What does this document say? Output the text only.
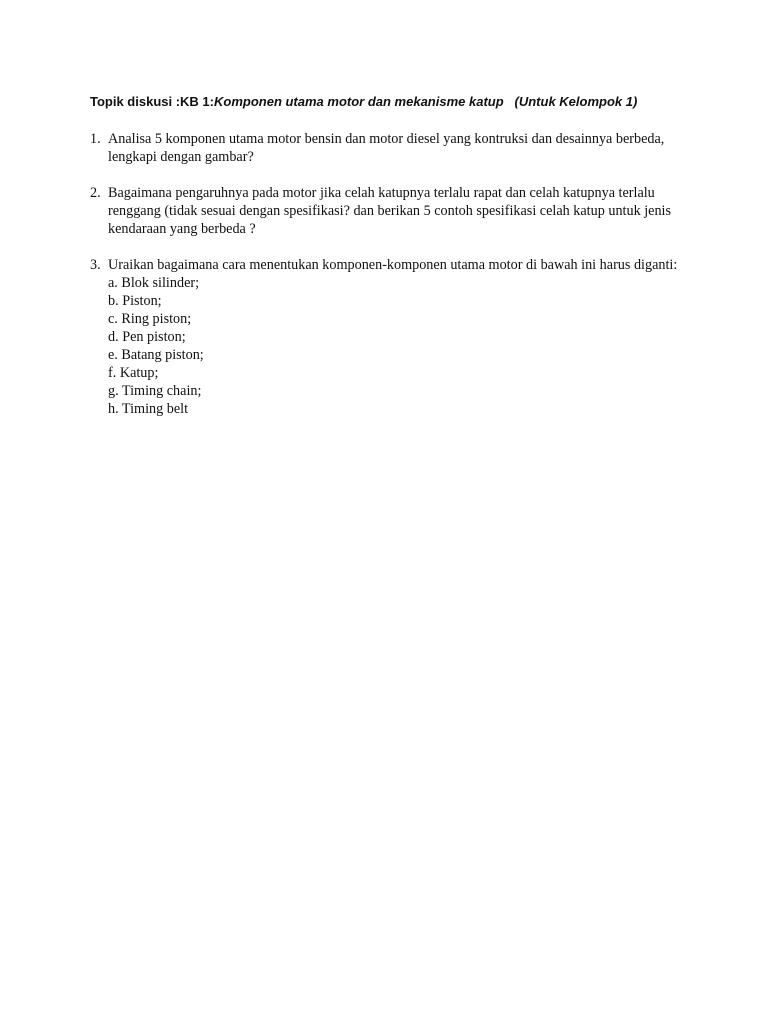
Topik diskusi :KB 1:Komponen utama motor dan mekanisme katup (Untuk Kelompok 1)
1. Analisa 5 komponen utama motor bensin dan motor diesel yang kontruksi dan desainnya berbeda, lengkapi dengan gambar?
2. Bagaimana pengaruhnya pada motor jika celah katupnya terlalu rapat dan celah katupnya terlalu renggang (tidak sesuai dengan spesifikasi? dan berikan 5 contoh spesifikasi celah katup untuk jenis kendaraan yang berbeda ?
3. Uraikan bagaimana cara menentukan komponen-komponen utama motor di bawah ini harus diganti:
a. Blok silinder;
b. Piston;
c. Ring piston;
d. Pen piston;
e. Batang piston;
f. Katup;
g. Timing chain;
h. Timing belt
